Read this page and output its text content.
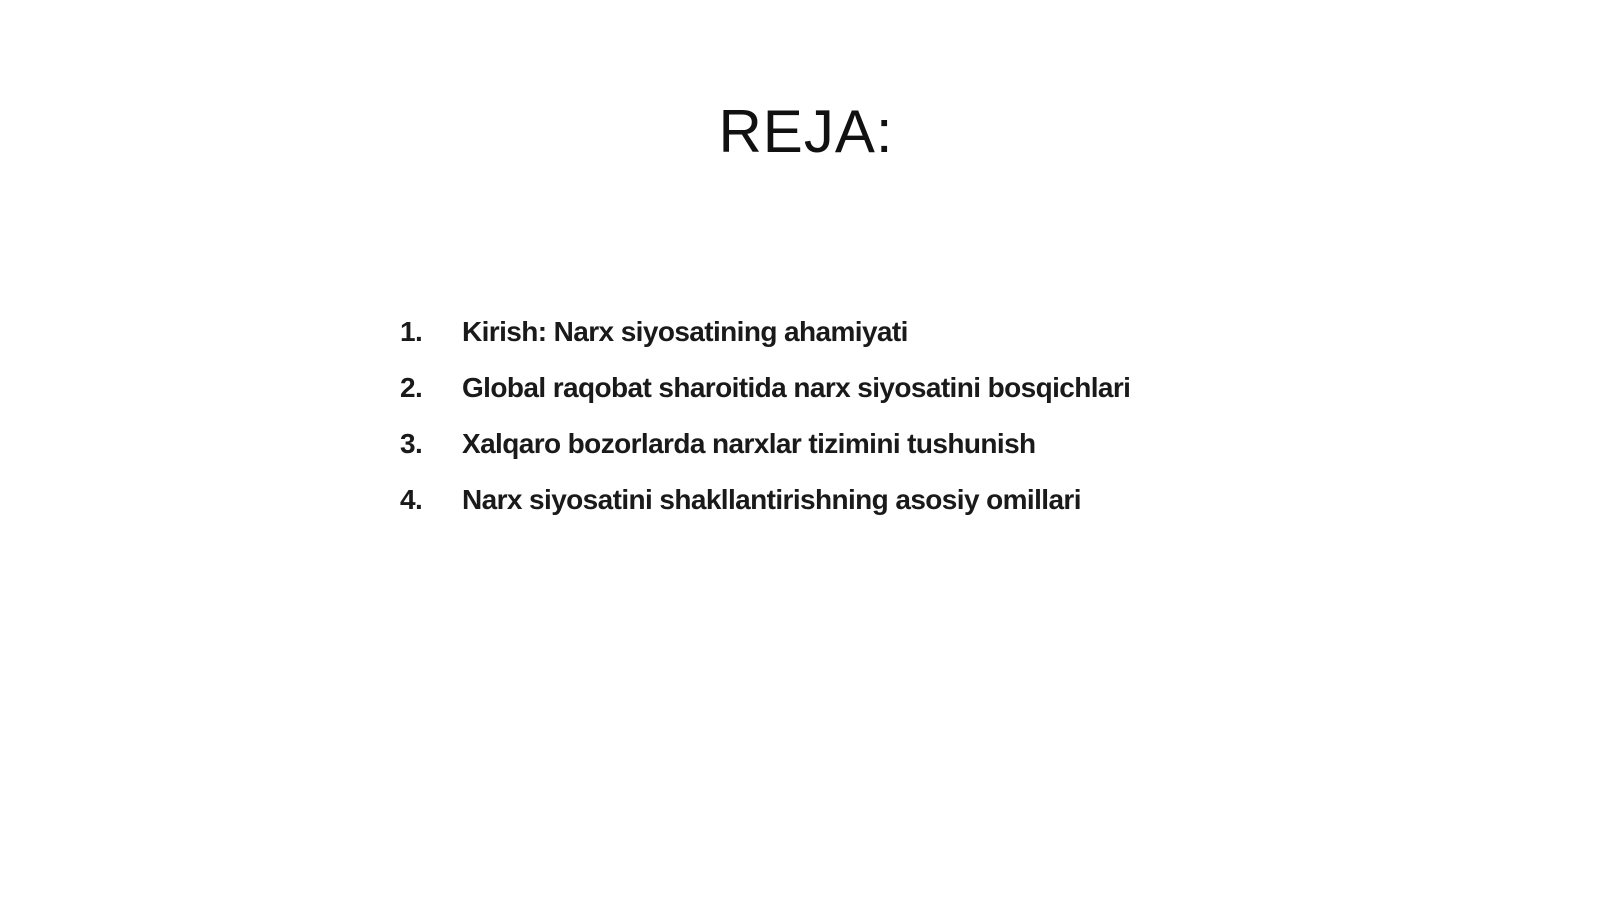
REJA:
1.	Kirish: Narx siyosatining ahamiyati
2.	Global raqobat sharoitida narx siyosatini bosqichlari
3.	Xalqaro bozorlarda narxlar tizimini tushunish
4.	Narx siyosatini shakllantirishning asosiy omillari
